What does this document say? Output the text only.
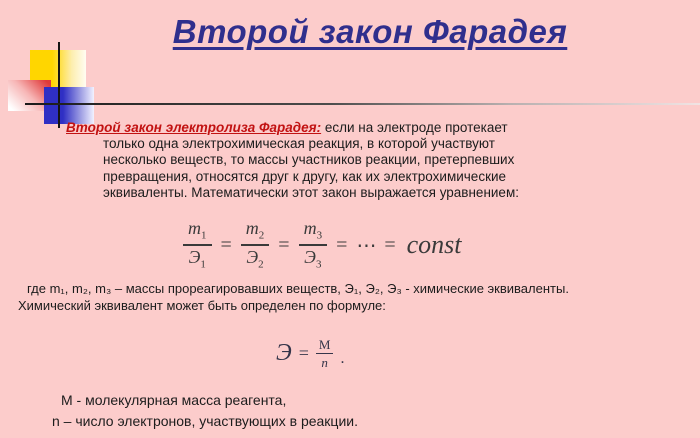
Второй закон Фарадея
Второй закон электролиза Фарадея: если на электроде протекает
только одна электрохимическая реакция, в которой участвуют
несколько веществ, то массы участников реакции, претерпевших
превращения, относятся друг к другу, как их электрохимические
эквиваленты. Математически этот закон выражается уравнением:
$\frac{m_1}{Э_1} = \frac{m_2}{Э_2} = \frac{m_3}{Э_3}$ = ⋯ = const
где m₁, m₂, m₃ – массы прореагировавших веществ, Э₁, Э₂, Э₃ - химические эквиваленты.
Химический эквивалент может быть определен по формуле:
$Э = \frac{M}{n}$ .
М - молекулярная масса реагента,
n – число электронов, участвующих в реакции.
